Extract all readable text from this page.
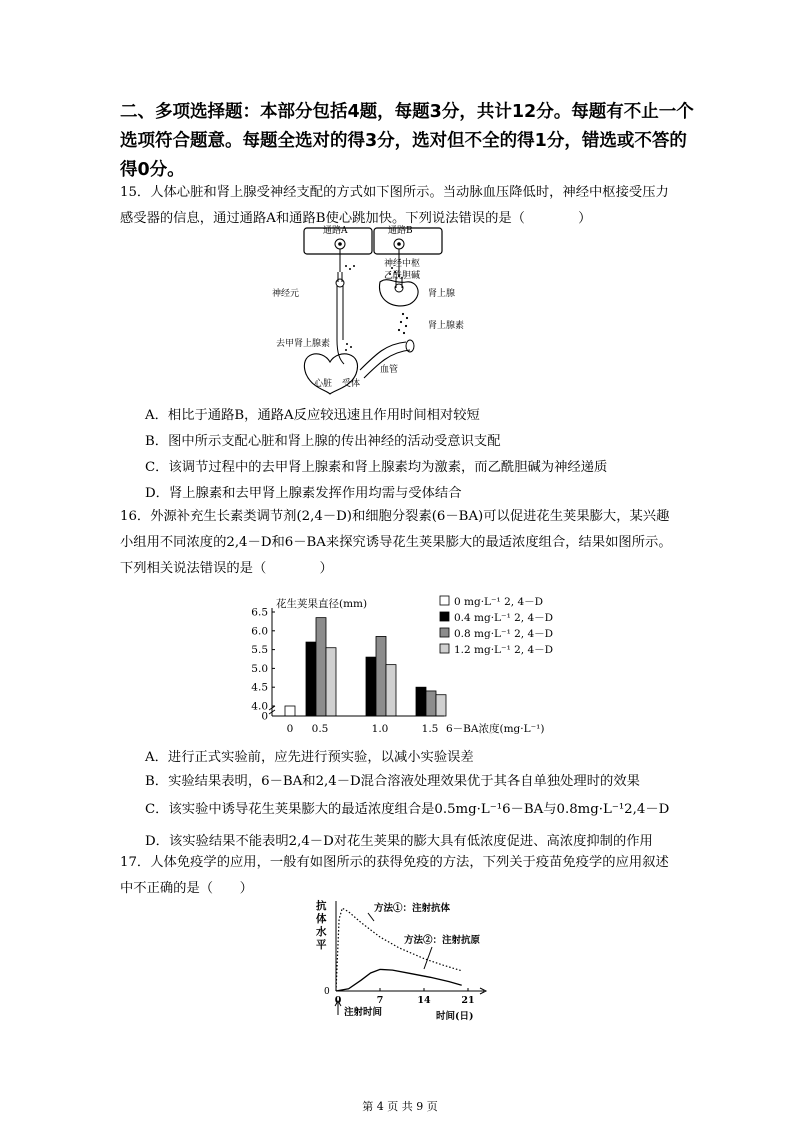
二、多项选择题：本部分包括4题，每题3分，共计12分。每题有不止一个选项符合题意。每题全选对的得3分，选对但不全的得1分，错选或不答的得0分。
15．人体心脏和肾上腺受神经支配的方式如下图所示。当动脉血压降低时，神经中枢接受压力感受器的信息，通过通路A和通路B使心跳加快。下列说法错误的是（　　　　）
通路A	通路B
神经中枢
乙酰胆碱
神经元	肾上腺
肾上腺素
去甲肾上腺素
心脏 受体
血管
A．相比于通路B，通路A反应较迅速且作用时间相对较短
B．图中所示支配心脏和肾上腺的传出神经的活动受意识支配
C．该调节过程中的去甲肾上腺素和肾上腺素均为激素，而乙酰胆碱为神经递质
D．肾上腺素和去甲肾上腺素发挥作用均需与受体结合
16．外源补充生长素类调节剂(2,4－D)和细胞分裂素(6－BA)可以促进花生荚果膨大，某兴趣小组用不同浓度的2,4－D和6－BA来探究诱导花生荚果膨大的最适浓度组合，结果如图所示。下列相关说法错误的是（　　　　）
0
4.0
4.5
5.0
5.5
6.0
6.5
0 0.5	1.0	1.5
0 mg·L⁻¹ 2, 4－D
0.4 mg·L⁻¹ 2, 4－D
0.8 mg·L⁻¹ 2, 4－D
1.2 mg·L⁻¹ 2, 4－D
花生荚果直径(mm)
6－BA浓度(mg·L⁻¹)
A．进行正式实验前，应先进行预实验，以减小实验误差
B．实验结果表明，6－BA和2,4－D混合溶液处理效果优于其各自单独处理时的效果
C．该实验中诱导花生荚果膨大的最适浓度组合是0.5mg·L⁻¹6－BA与0.8mg·L⁻¹2,4－D
D．该实验结果不能表明2,4－D对花生荚果的膨大具有低浓度促进、高浓度抑制的作用
17．人体免疫学的应用，一般有如图所示的获得免疫的方法，下列关于疫苗免疫学的应用叙述中不正确的是（　　）
抗 体 水 平
0
0	7	14	21
方法①：注射抗体
方法②：注射抗原
注射时间	时间(日)
第 4 页 共 9 页
